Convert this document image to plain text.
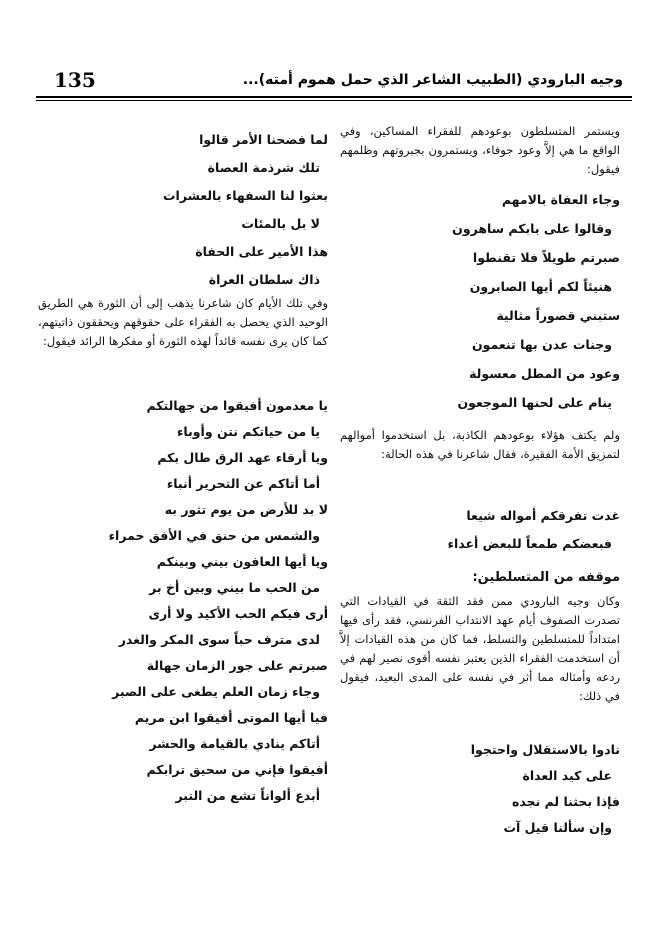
135	وجيه البارودي (الطبيب الشاعر الذي حمل هموم أمته)...

ويستمر المتسلطون بوعودهم للفقراء المساكين، وفي الواقع ما هي إلاَّ وعود جوفاء، ويستمرون بجبروتهم وظلمهم فيقول:

وجاء العفاة بالامهم
وقالوا على بابكم ساهرون
صبرتم طويلاً فلا تقنطوا
هنيئاً لكم أيها الصابرون
ستبني قصوراً مثالية
وجنات عدن بها تنعمون
وعود من المطل معسولة
ينام على لحنها الموجعون

ولم يكتف هؤلاء بوعودهم الكاذبة، بل استخدموا أموالهم لتمزيق الأمة الفقيرة، فقال شاعرنا في هذه الحالة:

غدت تفرقكم أمواله شيعا
فبعضكم طمعاً للبعض أعداء
موقفه من المتسلطين:

وكان وجيه البارودي ممن فقد الثقة في القيادات التي تصدرت الصفوف أيام عهد الانتداب الفرنسي، فقد رأى فيها امتداداً للمتسلطين والتسلط، فما كان من هذه القيادات إلاَّ أن استخدمت الفقراء الذين يعتبر نفسه أقوى نصير لهم في ردعه وأمثاله مما أثر في نفسه على المدى البعيد، فيقول في ذلك:

نادوا بالاستقلال واحتجوا
على كيد العداة
فإذا بحثنا لم نجده
وإن سألنا قيل آت
لما فضحنا الأمر قالوا
تلك شرذمة العصاة
بعثوا لنا السفهاء بالعشرات
لا بل بالمئات
هذا الأمير على الحفاة
ذاك سلطان العراة

وفي تلك الأيام كان شاعرنا يذهب إلى أن الثورة هي الطريق الوحيد الذي يحصل به الفقراء على حقوقهم ويحققون ذاتيتهم، كما كان يرى نفسه قائداً لهذه الثورة أو مفكرها الرائد فيقول:

يا معدمون أفيقوا من جهالتكم
يا من حياتكم نتن وأوباء
ويا أرقاء عهد الرق طال بكم
أما أتاكم عن التحرير أنباء
لا بد للأرض من يوم تثور به
والشمس من حنق في الأفق حمراء
ويا أيها العافون بيني وبينكم
من الحب ما بيني وبين أخ بر
أرى فيكم الحب الأكيد ولا أرى
لدى مترف حباً سوى المكر والغدر
صبرتم على جور الزمان جهالة
وجاء زمان العلم يطغى على الصبر
فيا أيها الموتى أفيقوا ابن مريم
أتاكم ينادي بالقيامة والحشر
أفيقوا فإني من سحيق ترابكم
أبدع ألواناً تشع من التبر
